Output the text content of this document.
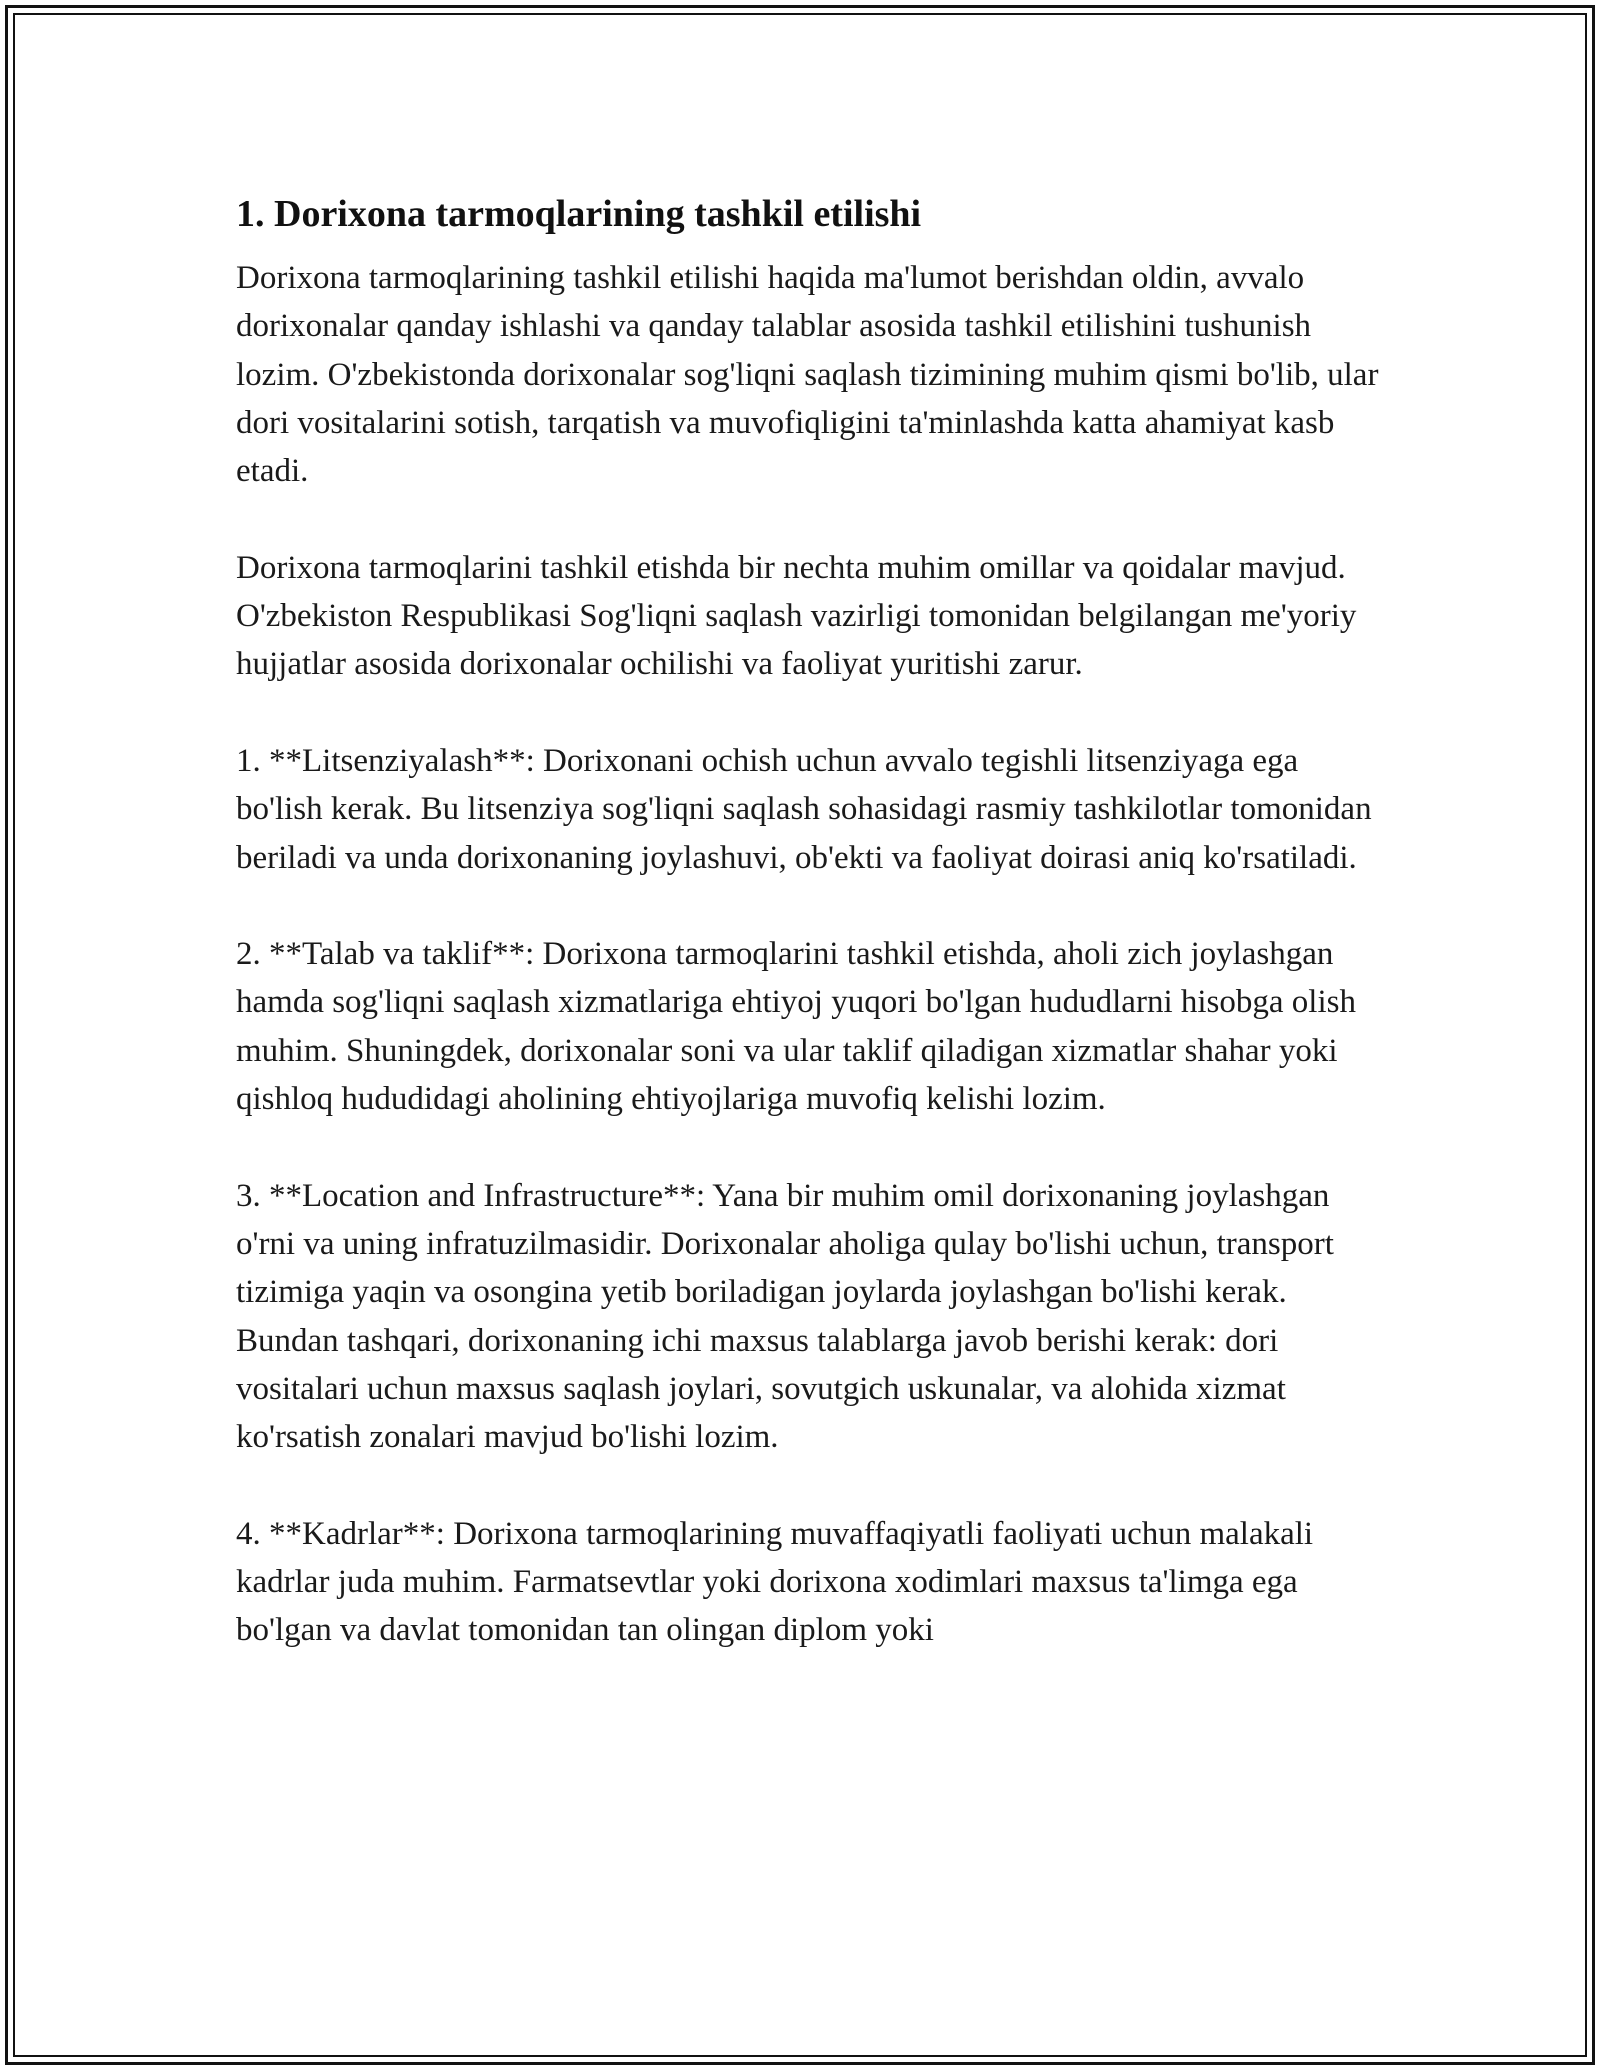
1. Dorixona tarmoqlarining tashkil etilishi

Dorixona tarmoqlarining tashkil etilishi haqida ma'lumot berishdan oldin, avvalo dorixonalar qanday ishlashi va qanday talablar asosida tashkil etilishini tushunish lozim. O'zbekistonda dorixonalar sog'liqni saqlash tizimining muhim qismi bo'lib, ular dori vositalarini sotish, tarqatish va muvofiqligini ta'minlashda katta ahamiyat kasb etadi.

Dorixona tarmoqlarini tashkil etishda bir nechta muhim omillar va qoidalar mavjud. O'zbekiston Respublikasi Sog'liqni saqlash vazirligi tomonidan belgilangan me'yoriy hujjatlar asosida dorixonalar ochilishi va faoliyat yuritishi zarur.

1. **Litsenziyalash**: Dorixonani ochish uchun avvalo tegishli litsenziyaga ega bo'lish kerak. Bu litsenziya sog'liqni saqlash sohasidagi rasmiy tashkilotlar tomonidan beriladi va unda dorixonaning joylashuvi, ob'ekti va faoliyat doirasi aniq ko'rsatiladi.

2. **Talab va taklif**: Dorixona tarmoqlarini tashkil etishda, aholi zich joylashgan hamda sog'liqni saqlash xizmatlariga ehtiyoj yuqori bo'lgan hududlarni hisobga olish muhim. Shuningdek, dorixonalar soni va ular taklif qiladigan xizmatlar shahar yoki qishloq hududidagi aholining ehtiyojlariga muvofiq kelishi lozim.

3. **Location and Infrastructure**: Yana bir muhim omil dorixonaning joylashgan o'rni va uning infratuzilmasidir. Dorixonalar aholiga qulay bo'lishi uchun, transport tizimiga yaqin va osongina yetib boriladigan joylarda joylashgan bo'lishi kerak. Bundan tashqari, dorixonaning ichi maxsus talablarga javob berishi kerak: dori vositalari uchun maxsus saqlash joylari, sovutgich uskunalar, va alohida xizmat ko'rsatish zonalari mavjud bo'lishi lozim.

4. **Kadrlar**: Dorixona tarmoqlarining muvaffaqiyatli faoliyati uchun malakali kadrlar juda muhim. Farmatsevtlar yoki dorixona xodimlari maxsus ta'limga ega bo'lgan va davlat tomonidan tan olingan diplom yoki
